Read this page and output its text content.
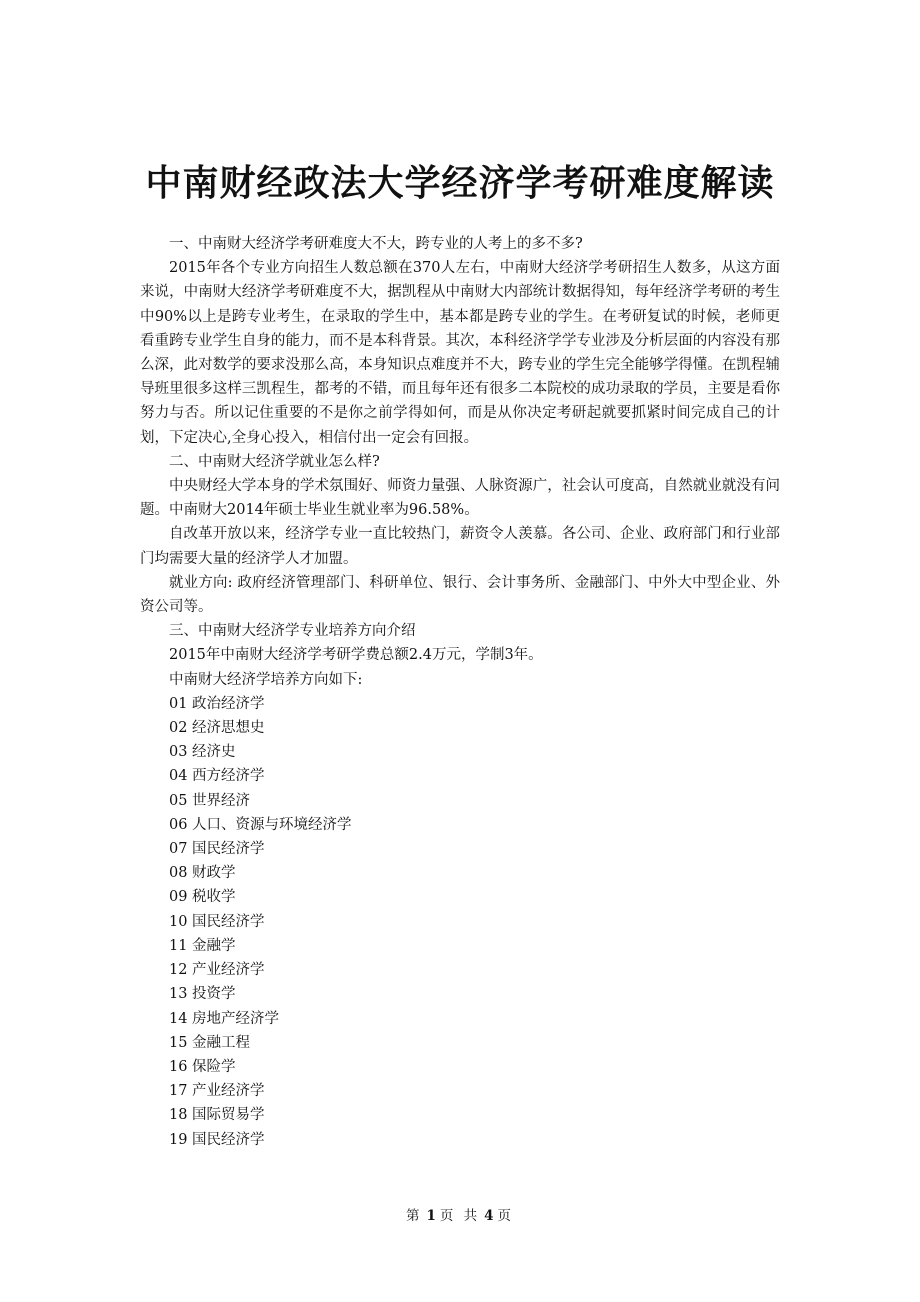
中南财经政法大学经济学考研难度解读

一、中南财大经济学考研难度大不大，跨专业的人考上的多不多?

2015年各个专业方向招生人数总额在370人左右，中南财大经济学考研招生人数多，从这方面来说，中南财大经济学考研难度不大，据凯程从中南财大内部统计数据得知，每年经济学考研的考生中90%以上是跨专业考生，在录取的学生中，基本都是跨专业的学生。在考研复试的时候，老师更看重跨专业学生自身的能力，而不是本科背景。其次，本科经济学学专业涉及分析层面的内容没有那么深，此对数学的要求没那么高，本身知识点难度并不大，跨专业的学生完全能够学得懂。在凯程辅导班里很多这样三凯程生，都考的不错，而且每年还有很多二本院校的成功录取的学员，主要是看你努力与否。所以记住重要的不是你之前学得如何，而是从你决定考研起就要抓紧时间完成自己的计划，下定决心,全身心投入，相信付出一定会有回报。

二、中南财大经济学就业怎么样?

中央财经大学本身的学术氛围好、师资力量强、人脉资源广，社会认可度高，自然就业就没有问题。中南财大2014年硕士毕业生就业率为96.58%。

自改革开放以来，经济学专业一直比较热门，薪资令人羡慕。各公司、企业、政府部门和行业部门均需要大量的经济学人才加盟。

就业方向: 政府经济管理部门、科研单位、银行、会计事务所、金融部门、中外大中型企业、外资公司等。

三、中南财大经济学专业培养方向介绍

2015年中南财大经济学考研学费总额2.4万元，学制3年。

中南财大经济学培养方向如下:

01 政治经济学
02 经济思想史
03 经济史
04 西方经济学
05 世界经济
06 人口、资源与环境经济学
07 国民经济学
08 财政学
09 税收学
10 国民经济学
11 金融学
12 产业经济学
13 投资学
14 房地产经济学
15 金融工程
16 保险学
17 产业经济学
18 国际贸易学
19 国民经济学
第 1 页 共 4 页
